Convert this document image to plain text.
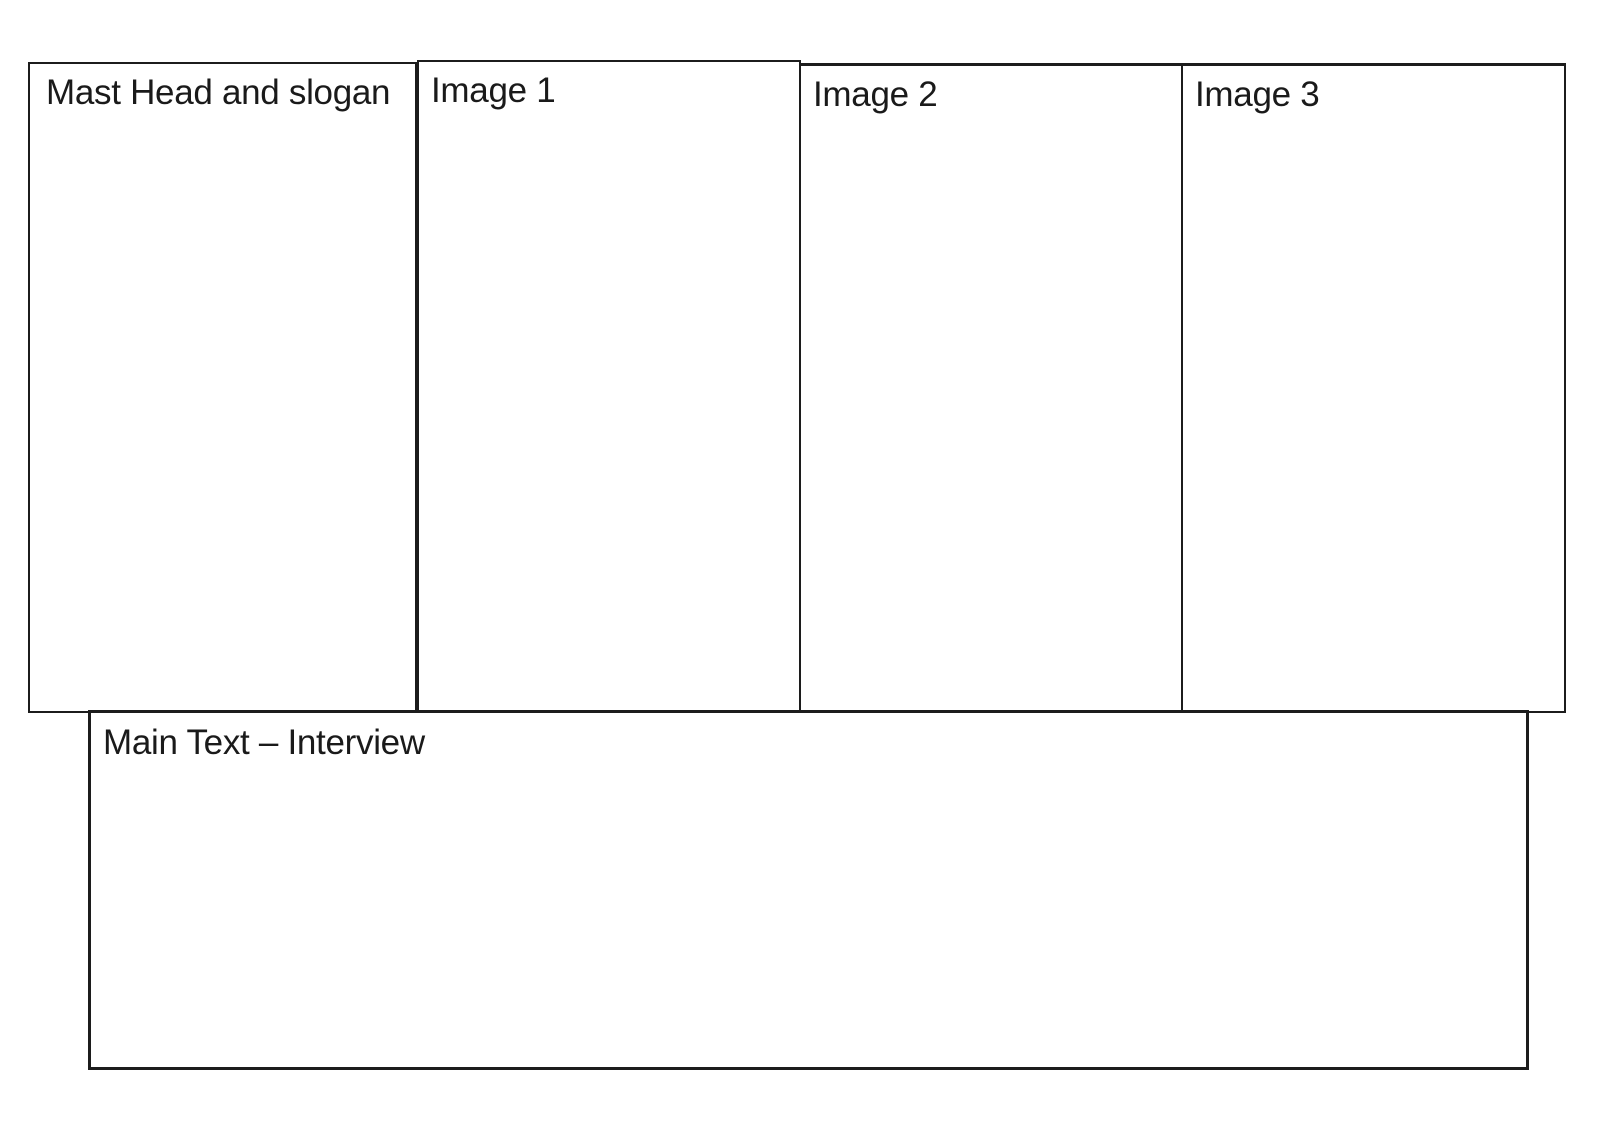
Mast Head and slogan	Image 1	Image 2	Image 3
Main Text – Interview
